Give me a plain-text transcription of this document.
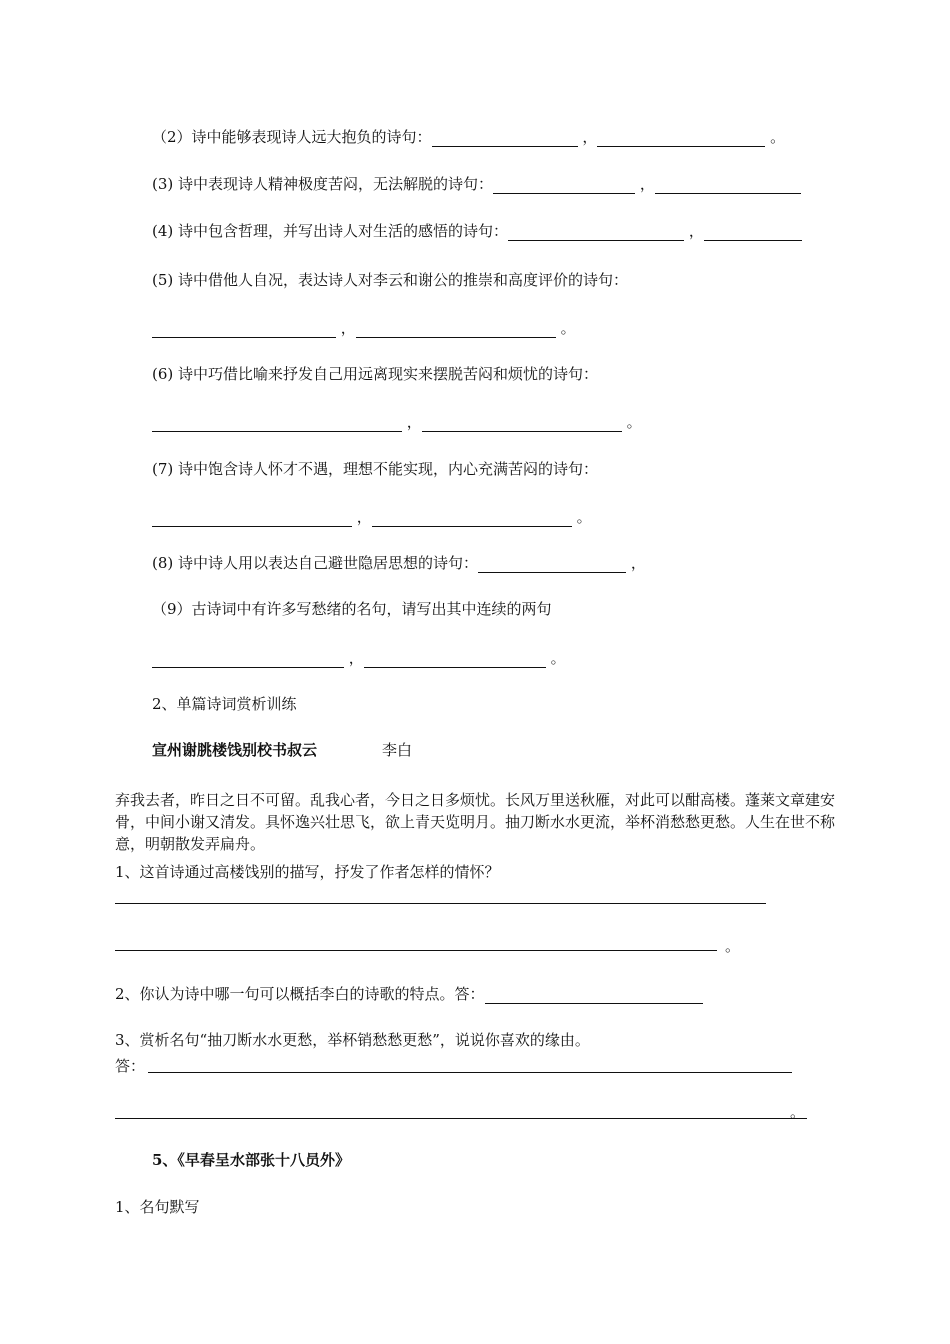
（2）诗中能够表现诗人远大抱负的诗句：	，	。
(3) 诗中表现诗人精神极度苦闷，无法解脱的诗句：	，
(4) 诗中包含哲理，并写出诗人对生活的感悟的诗句：	，
(5) 诗中借他人自况，表达诗人对李云和谢公的推崇和高度评价的诗句：
，	。
(6) 诗中巧借比喻来抒发自己用远离现实来摆脱苦闷和烦忧的诗句：
，	。
(7) 诗中饱含诗人怀才不遇，理想不能实现，内心充满苦闷的诗句：
，	。
(8) 诗中诗人用以表达自己避世隐居思想的诗句：	，
（9）古诗词中有许多写愁绪的名句，请写出其中连续的两句
，	。
2、单篇诗词赏析训练
宣州谢朓楼饯别校书叔云	李白
弃我去者，昨日之日不可留。乱我心者，今日之日多烦忧。长风万里送秋雁，对此可以酣高楼。蓬莱文章建安骨，中间小谢又清发。具怀逸兴壮思飞，欲上青天览明月。抽刀断水水更流，举杯消愁愁更愁。人生在世不称意，明朝散发弄扁舟。
1、这首诗通过高楼饯别的描写，抒发了作者怎样的情怀？
。
2、你认为诗中哪一句可以概括李白的诗歌的特点。答：
3、赏析名句“抽刀断水水更愁，举杯销愁愁更愁”，说说你喜欢的缘由。
答：
。
5、《早春呈水部张十八员外》
1、名句默写
